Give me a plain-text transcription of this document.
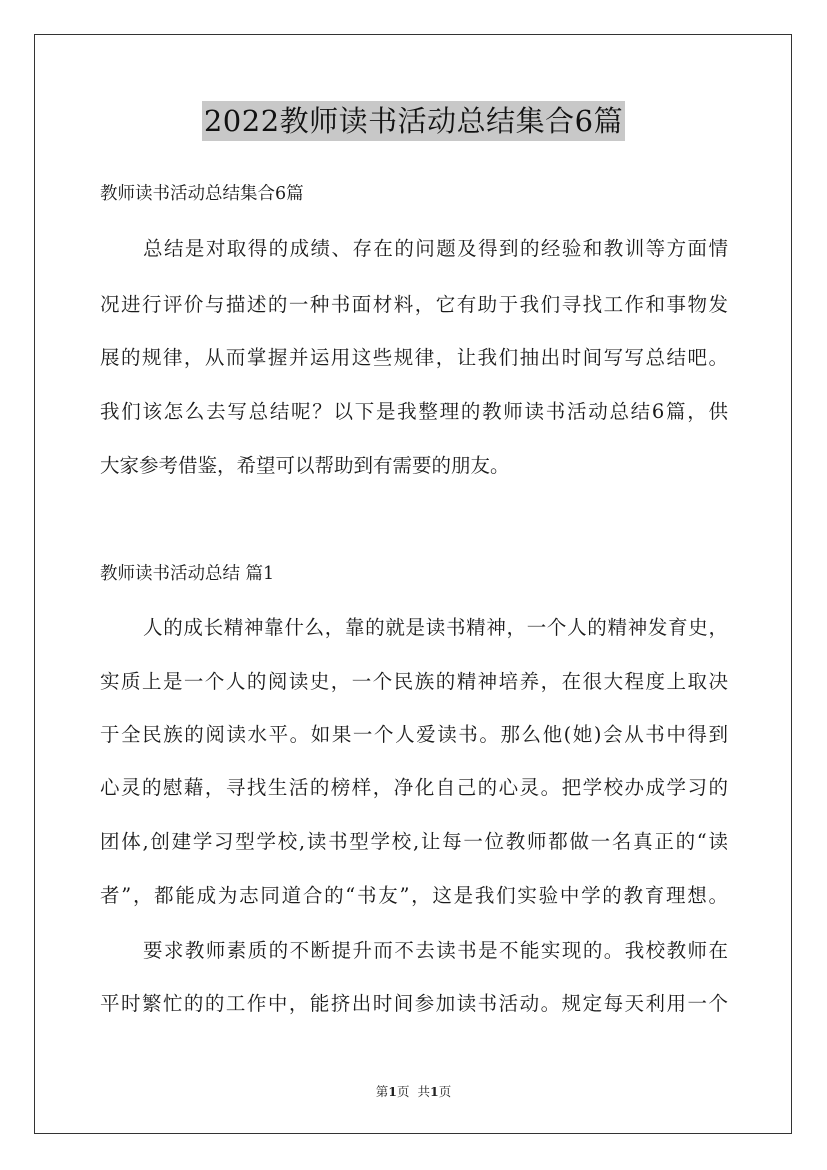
2022教师读书活动总结集合6篇
教师读书活动总结集合6篇
总结是对取得的成绩、存在的问题及得到的经验和教训等方面情
况进行评价与描述的一种书面材料，它有助于我们寻找工作和事物发
展的规律，从而掌握并运用这些规律，让我们抽出时间写写总结吧。
我们该怎么去写总结呢？以下是我整理的教师读书活动总结6篇，供
大家参考借鉴，希望可以帮助到有需要的朋友。
教师读书活动总结 篇1
人的成长精神靠什么，靠的就是读书精神，一个人的精神发育史，
实质上是一个人的阅读史，一个民族的精神培养，在很大程度上取决
于全民族的阅读水平。如果一个人爱读书。那么他(她)会从书中得到
心灵的慰藉，寻找生活的榜样，净化自己的心灵。把学校办成学习的
团体,创建学习型学校,读书型学校,让每一位教师都做一名真正的“读
者”，都能成为志同道合的“书友”，这是我们实验中学的教育理想。
要求教师素质的不断提升而不去读书是不能实现的。我校教师在
平时繁忙的的工作中，能挤出时间参加读书活动。规定每天利用一个
第1页 共1页
